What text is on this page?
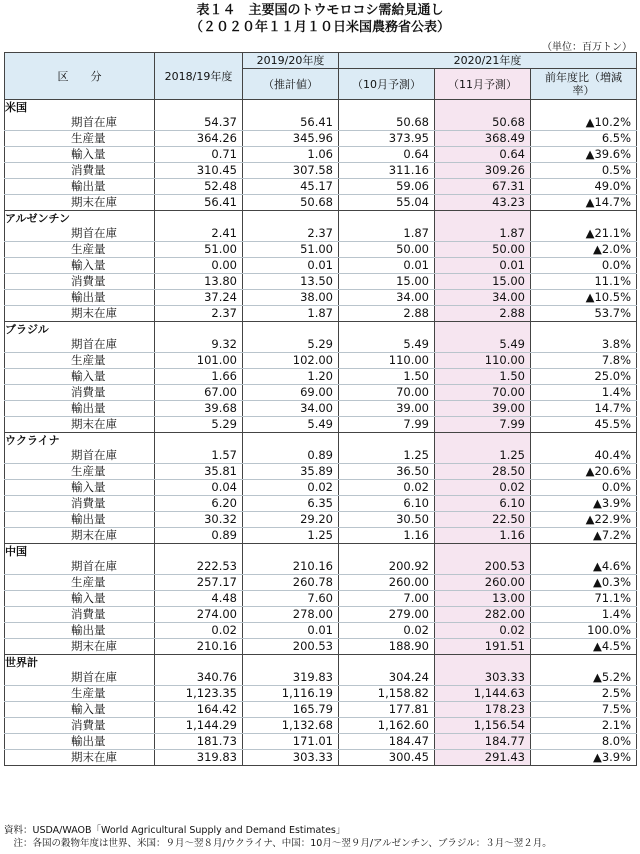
表１４　主要国のトウモロコシ需給見通し
（２０２０年１１月１０日米国農務省公表）
（単位：百万トン）
区　　分	2018/19年度	2019/20年度	2020/21年度		
		（推計値）	（10月予測）	（11月予測）	前年度比（増減率）

米国					
期首在庫	54.37	56.41	50.68	50.68	▲10.2%
生産量	364.26	345.96	373.95	368.49	6.5%
輸入量	0.71	1.06	0.64	0.64	▲39.6%
消費量	310.45	307.58	311.16	309.26	0.5%
輸出量	52.48	45.17	59.06	67.31	49.0%
期末在庫	56.41	50.68	55.04	43.23	▲14.7%
アルゼンチン					
期首在庫	2.41	2.37	1.87	1.87	▲21.1%
生産量	51.00	51.00	50.00	50.00	▲2.0%
輸入量	0.00	0.01	0.01	0.01	0.0%
消費量	13.80	13.50	15.00	15.00	11.1%
輸出量	37.24	38.00	34.00	34.00	▲10.5%
期末在庫	2.37	1.87	2.88	2.88	53.7%
ブラジル					
期首在庫	9.32	5.29	5.49	5.49	3.8%
生産量	101.00	102.00	110.00	110.00	7.8%
輸入量	1.66	1.20	1.50	1.50	25.0%
消費量	67.00	69.00	70.00	70.00	1.4%
輸出量	39.68	34.00	39.00	39.00	14.7%
期末在庫	5.29	5.49	7.99	7.99	45.5%
ウクライナ					
期首在庫	1.57	0.89	1.25	1.25	40.4%
生産量	35.81	35.89	36.50	28.50	▲20.6%
輸入量	0.04	0.02	0.02	0.02	0.0%
消費量	6.20	6.35	6.10	6.10	▲3.9%
輸出量	30.32	29.20	30.50	22.50	▲22.9%
期末在庫	0.89	1.25	1.16	1.16	▲7.2%
中国					
期首在庫	222.53	210.16	200.92	200.53	▲4.6%
生産量	257.17	260.78	260.00	260.00	▲0.3%
輸入量	4.48	7.60	7.00	13.00	71.1%
消費量	274.00	278.00	279.00	282.00	1.4%
輸出量	0.02	0.01	0.02	0.02	100.0%
期末在庫	210.16	200.53	188.90	191.51	▲4.5%
世界計					
期首在庫	340.76	319.83	304.24	303.33	▲5.2%
生産量	1,123.35	1,116.19	1,158.82	1,144.63	2.5%
輸入量	164.42	165.79	177.81	178.23	7.5%
消費量	1,144.29	1,132.68	1,162.60	1,156.54	2.1%
輸出量	181.73	171.01	184.47	184.77	8.0%
期末在庫	319.83	303.33	300.45	291.43	▲3.9%
資料：USDA/WAOB「World Agricultural Supply and Demand Estimates」
　注：各国の穀物年度は世界、米国：９月～翌８月/ウクライナ、中国：10月～翌９月/アルゼンチン、ブラジル：３月～翌２月。
